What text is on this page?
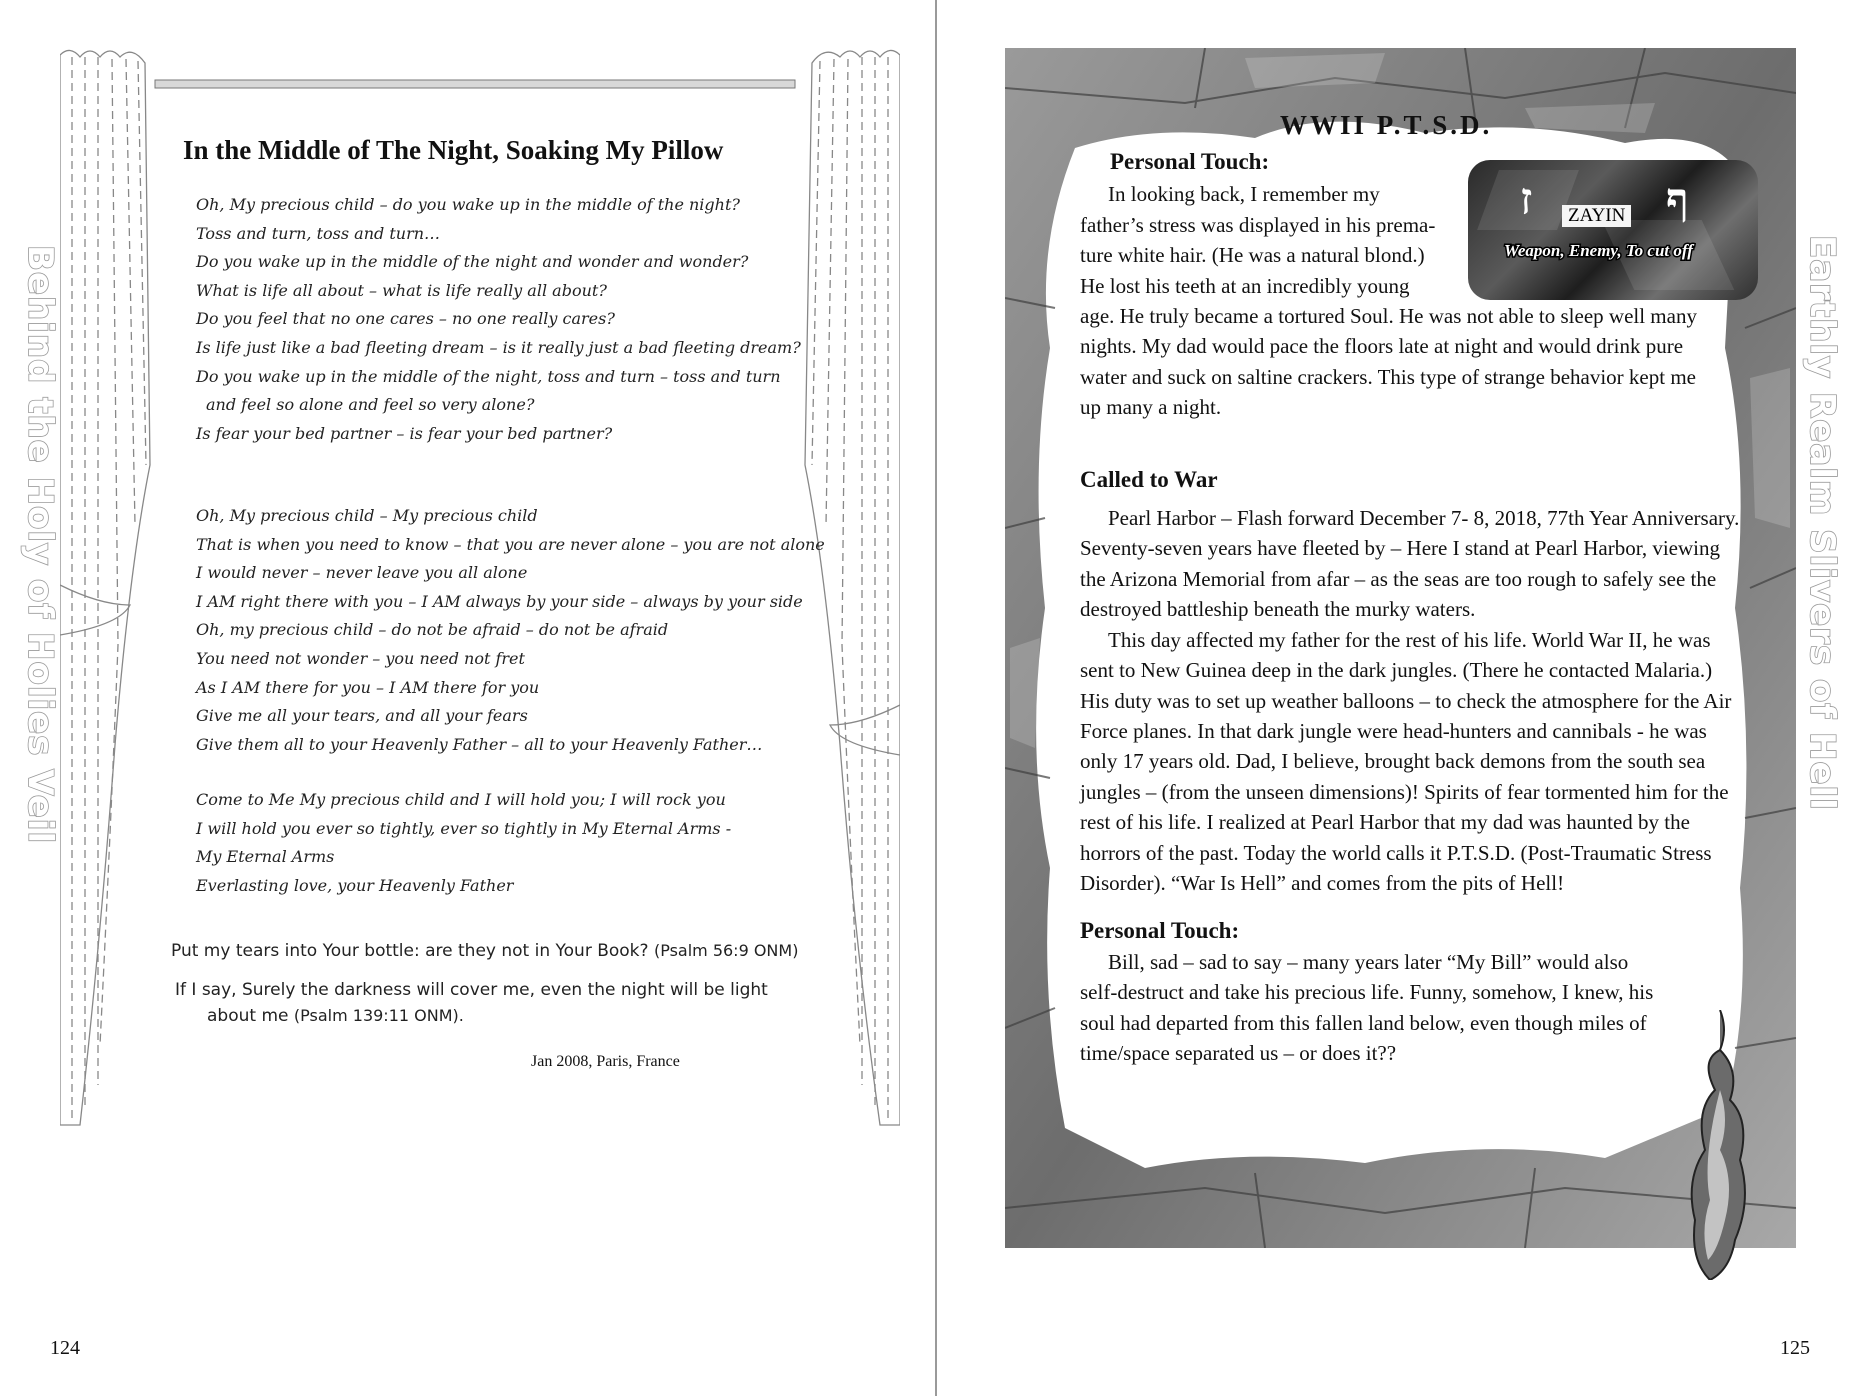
Behind the Holy of Holies Veil
In the Middle of The Night, Soaking My Pillow
Oh, My precious child – do you wake up in the middle of the night?
Toss and turn, toss and turn…
Do you wake up in the middle of the night and wonder and wonder?
What is life all about – what is life really all about?
Do you feel that no one cares – no one really cares?
Is life just like a bad fleeting dream – is it really just a bad fleeting dream?
Do you wake up in the middle of the night, toss and turn – toss and turn
and feel so alone and feel so very alone?
Is fear your bed partner – is fear your bed partner?
Oh, My precious child – My precious child
That is when you need to know – that you are never alone – you are not alone
I would never – never leave you all alone
I AM right there with you – I AM always by your side – always by your side
Oh, my precious child – do not be afraid – do not be afraid
You need not wonder – you need not fret
As I AM there for you – I AM there for you
Give me all your tears, and all your fears
Give them all to your Heavenly Father – all to your Heavenly Father…
Come to Me My precious child and I will hold you; I will rock you
I will hold you ever so tightly, ever so tightly in My Eternal Arms -
My Eternal Arms
Everlasting love, your Heavenly Father
Put my tears into Your bottle: are they not in Your Book? (Psalm 56:9 ONM)
If I say, Surely the darkness will cover me, even the night will be light
about me (Psalm 139:11 ONM).
Jan 2008, Paris, France
124
Earthly Realm Slivers of Hell
WWII P.T.S.D.
ז	ף
ZAYIN
Weapon, Enemy, To cut off
Personal Touch:

In looking back, I remember my

father’s stress was displayed in his prema-

ture white hair. (He was a natural blond.)

He lost his teeth at an incredibly young

age. He truly became a tortured Soul. He was not able to sleep well many nights. My dad would pace the floors late at night and would drink pure water and suck on saltine crackers. This type of strange behavior kept me up many a night.

Called to War

Pearl Harbor – Flash forward December 7- 8, 2018, 77th Year Anniversary. Seventy-seven years have fleeted by – Here I stand at Pearl Harbor, viewing the Arizona Memorial from afar – as the seas are too rough to safely see the destroyed battleship beneath the murky waters.

This day affected my father for the rest of his life. World War II, he was sent to New Guinea deep in the dark jungles. (There he contacted Malaria.) His duty was to set up weather balloons – to check the atmosphere for the Air Force planes. In that dark jungle were head-hunters and cannibals - he was only 17 years old. Dad, I believe, brought back demons from the south sea jungles – (from the unseen dimensions)! Spirits of fear tormented him for the rest of his life. I realized at Pearl Harbor that my dad was haunted by the horrors of the past. Today the world calls it P.T.S.D. (Post-Traumatic Stress Disorder). “War Is Hell” and comes from the pits of Hell!

Personal Touch:

Bill, sad – sad to say – many years later “My Bill” would also self-destruct and take his precious life. Funny, somehow, I knew, his soul had departed from this fallen land below, even though miles of time/space separated us – or does it??

125
